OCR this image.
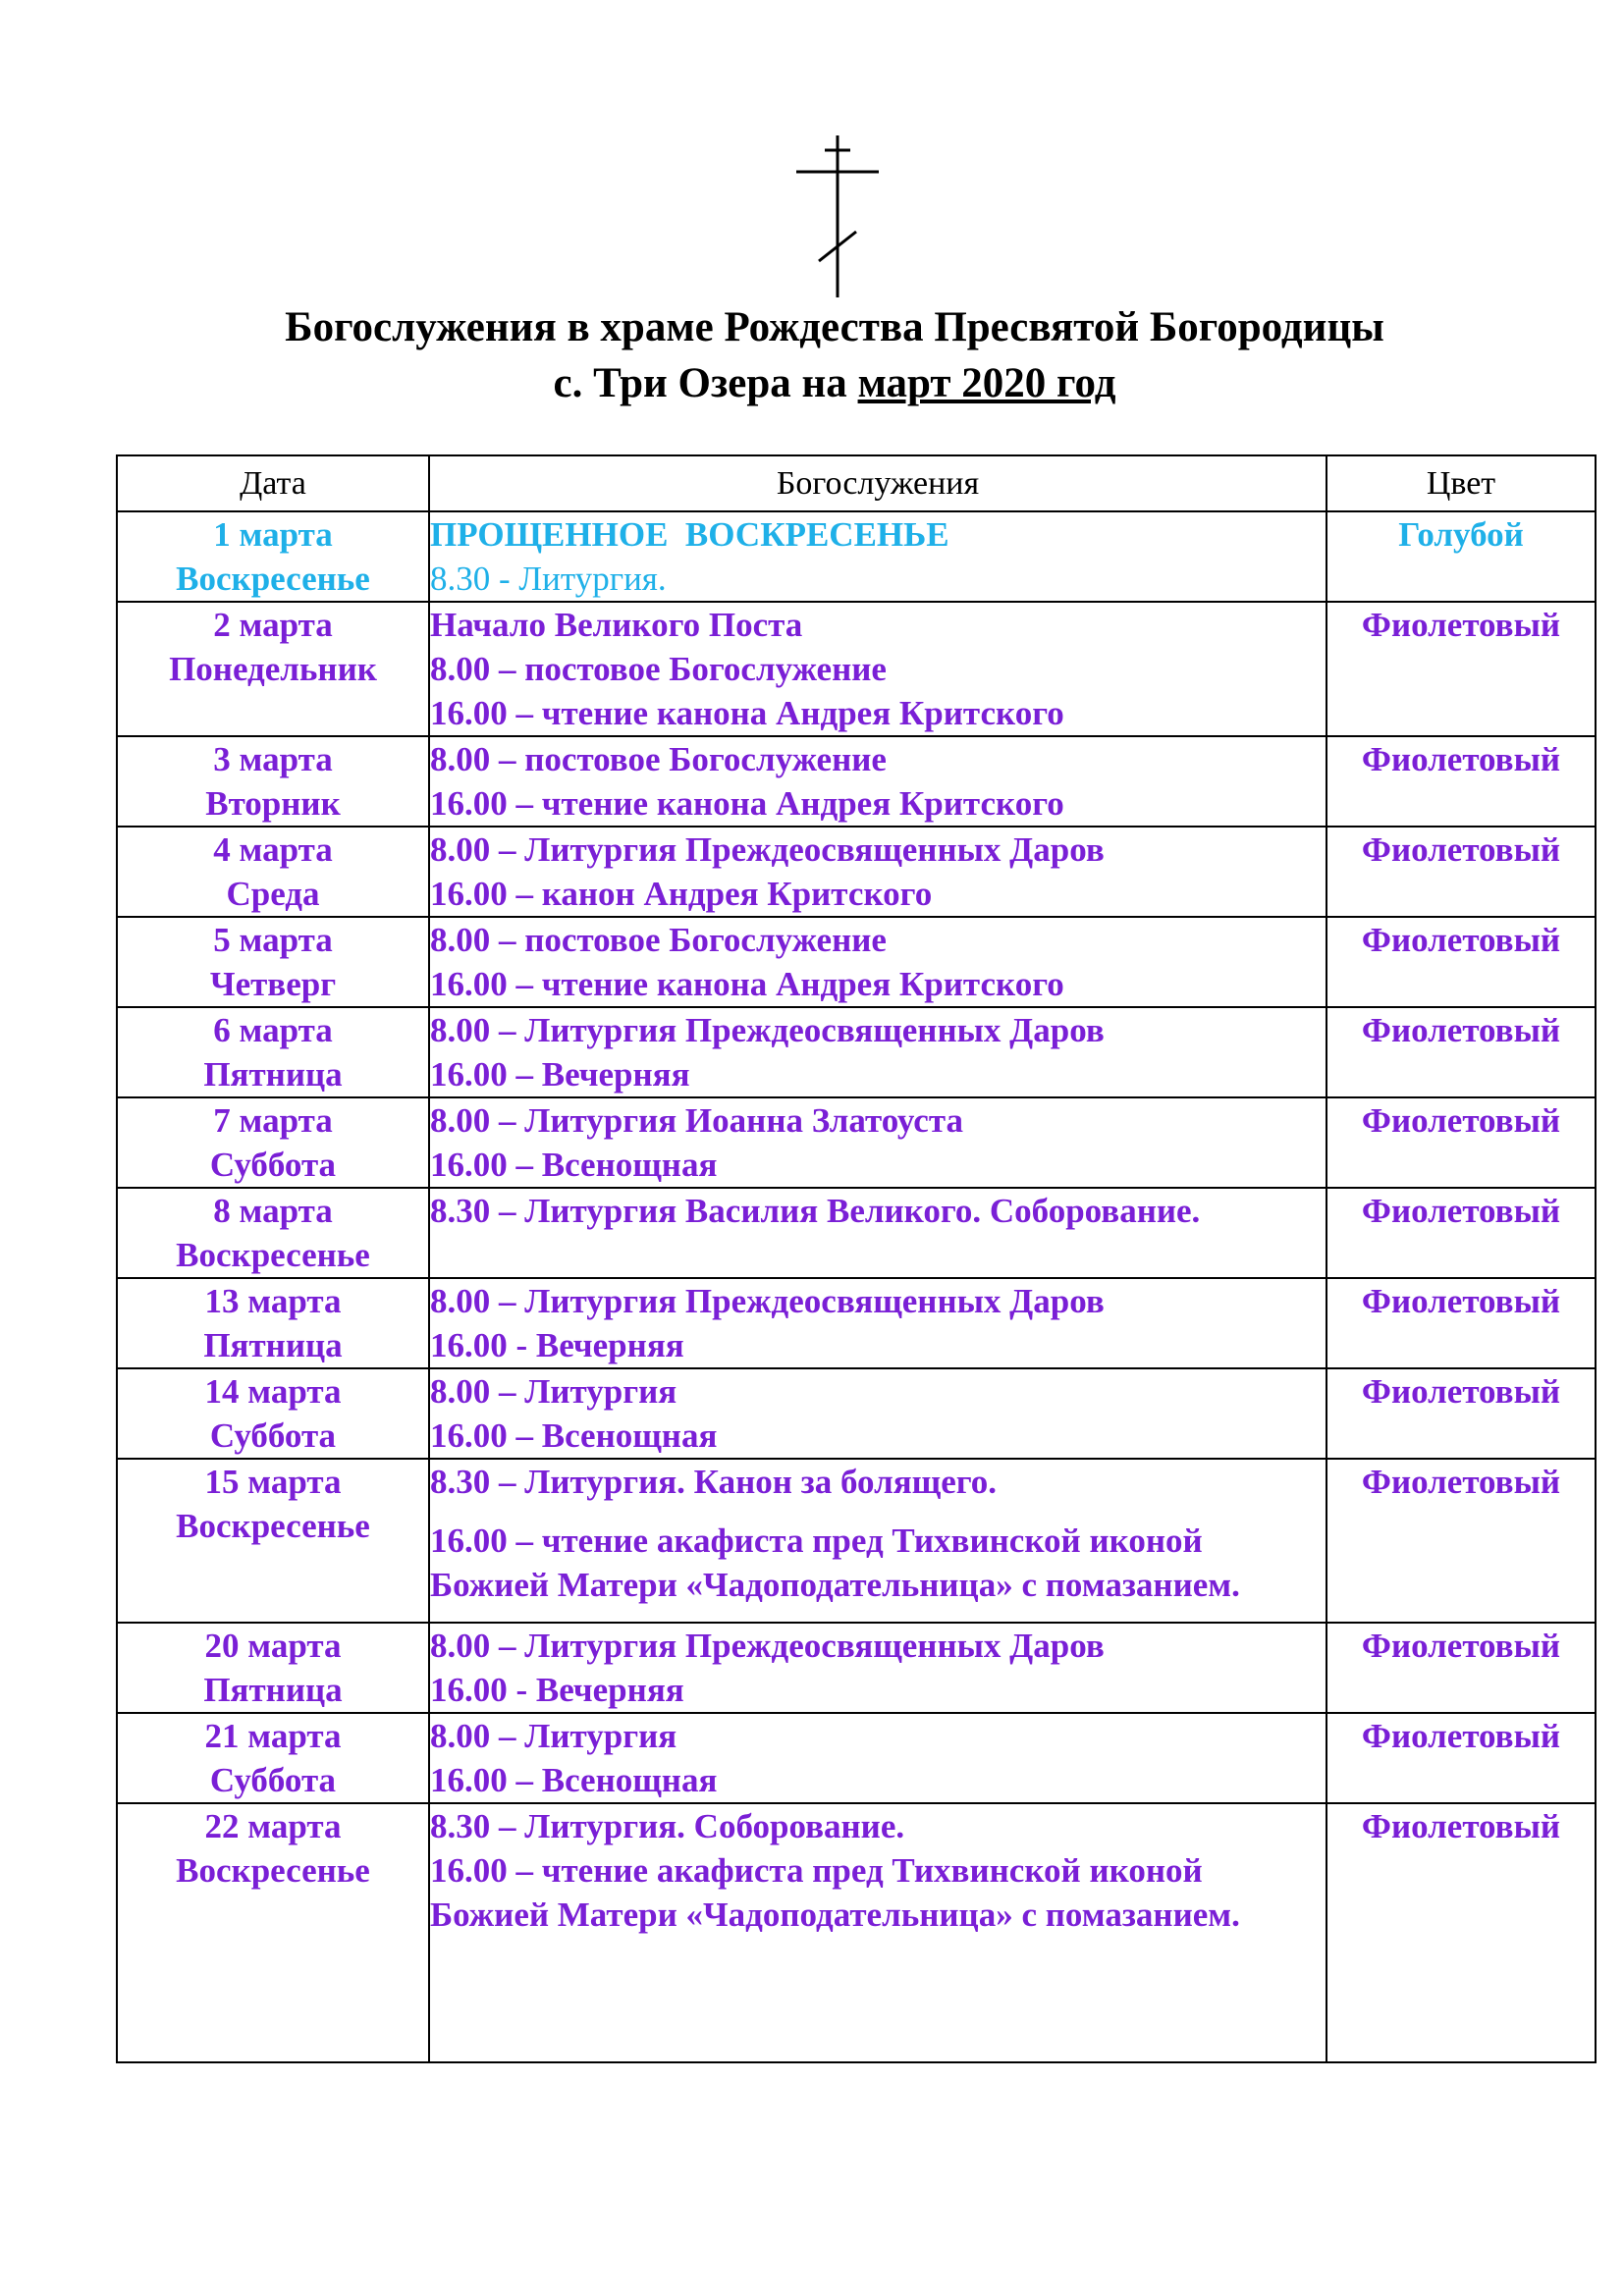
Богослужения в храме Рождества Пресвятой Богородицы
с. Три Озера на март 2020 год
Дата	Богослужения	Цвет

1 марта
Воскресенье	ПРОЩЕННОЕ  ВОСКРЕСЕНЬЕ
8.30 - Литургия.	Голубой

2 марта
Понедельник	Начало Великого Поста
8.00 – постовое Богослужение
16.00 – чтение канона Андрея Критского	Фиолетовый

3 марта
Вторник	8.00 – постовое Богослужение
16.00 – чтение канона Андрея Критского	Фиолетовый

4 марта
Среда	8.00 – Литургия Преждеосвященных Даров
16.00 – канон Андрея Критского	Фиолетовый

5 марта
Четверг	8.00 – постовое Богослужение
16.00 – чтение канона Андрея Критского	Фиолетовый

6 марта
Пятница	8.00 – Литургия Преждеосвященных Даров
16.00 – Вечерняя	Фиолетовый

7 марта
Суббота	8.00 – Литургия Иоанна Златоуста
16.00 – Всенощная	Фиолетовый

8 марта
Воскресенье	8.30 – Литургия Василия Великого. Соборование.	Фиолетовый

13 марта
Пятница	8.00 – Литургия Преждеосвященных Даров
16.00 - Вечерняя	Фиолетовый

14 марта
Суббота	8.00 – Литургия
16.00 – Всенощная	Фиолетовый

15 марта
Воскресенье	8.30 – Литургия. Канон за болящего.
16.00 – чтение акафиста пред Тихвинской иконой Божией Матери «Чадоподательница» с помазанием.	Фиолетовый

20 марта
Пятница	8.00 – Литургия Преждеосвященных Даров
16.00 - Вечерняя	Фиолетовый

21 марта
Суббота	8.00 – Литургия
16.00 – Всенощная	Фиолетовый

22 марта
Воскресенье	8.30 – Литургия. Соборование.
16.00 – чтение акафиста пред Тихвинской иконой Божией Матери «Чадоподательница» с помазанием.	Фиолетовый
